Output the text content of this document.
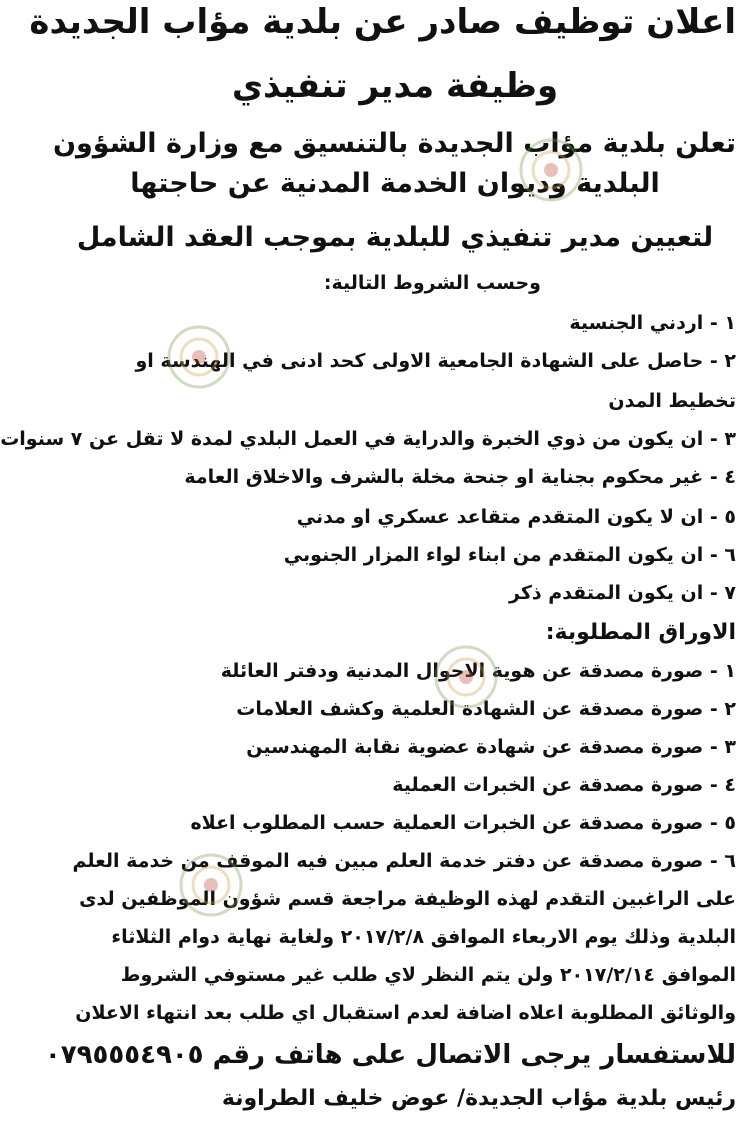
اعلان توظيف صادر عن بلدية مؤاب الجديدة
وظيفة مدير تنفيذي
تعلن بلدية مؤاب الجديدة بالتنسيق مع وزارة الشؤون
البلدية وديوان الخدمة المدنية عن حاجتها
لتعيين مدير تنفيذي للبلدية بموجب العقد الشامل
وحسب الشروط التالية:
١ - اردني الجنسية
٢ - حاصل على الشهادة الجامعية الاولى كحد ادنى في الهندسة او
تخطيط المدن
٣ - ان يكون من ذوي الخبرة والدراية في العمل البلدي لمدة لا تقل عن ٧ سنوات
٤ - غير محكوم بجناية او جنحة مخلة بالشرف والاخلاق العامة
٥ - ان لا يكون المتقدم متقاعد عسكري او مدني
٦ - ان يكون المتقدم من ابناء لواء المزار الجنوبي
٧ - ان يكون المتقدم ذكر
الاوراق المطلوبة:
١ - صورة مصدقة عن هوية الاحوال المدنية ودفتر العائلة
٢ - صورة مصدقة عن الشهادة العلمية وكشف العلامات
٣ - صورة مصدقة عن شهادة عضوية نقابة المهندسين
٤ - صورة مصدقة عن الخبرات العملية
٥ - صورة مصدقة عن الخبرات العملية حسب المطلوب اعلاه
٦ - صورة مصدقة عن دفتر خدمة العلم مبين فيه الموقف من خدمة العلم
على الراغبين التقدم لهذه الوظيفة مراجعة قسم شؤون الموظفين لدى
البلدية وذلك يوم الاربعاء الموافق ٢٠١٧/٢/٨ ولغاية نهاية دوام الثلاثاء
الموافق ٢٠١٧/٢/١٤ ولن يتم النظر لاي طلب غير مستوفي الشروط
والوثائق المطلوبة اعلاه اضافة لعدم استقبال اي طلب بعد انتهاء الاعلان
للاستفسار يرجى الاتصال على هاتف رقم ٠٧٩٥٥٥٤٩٠٥
رئيس بلدية مؤاب الجديدة/ عوض خليف الطراونة
